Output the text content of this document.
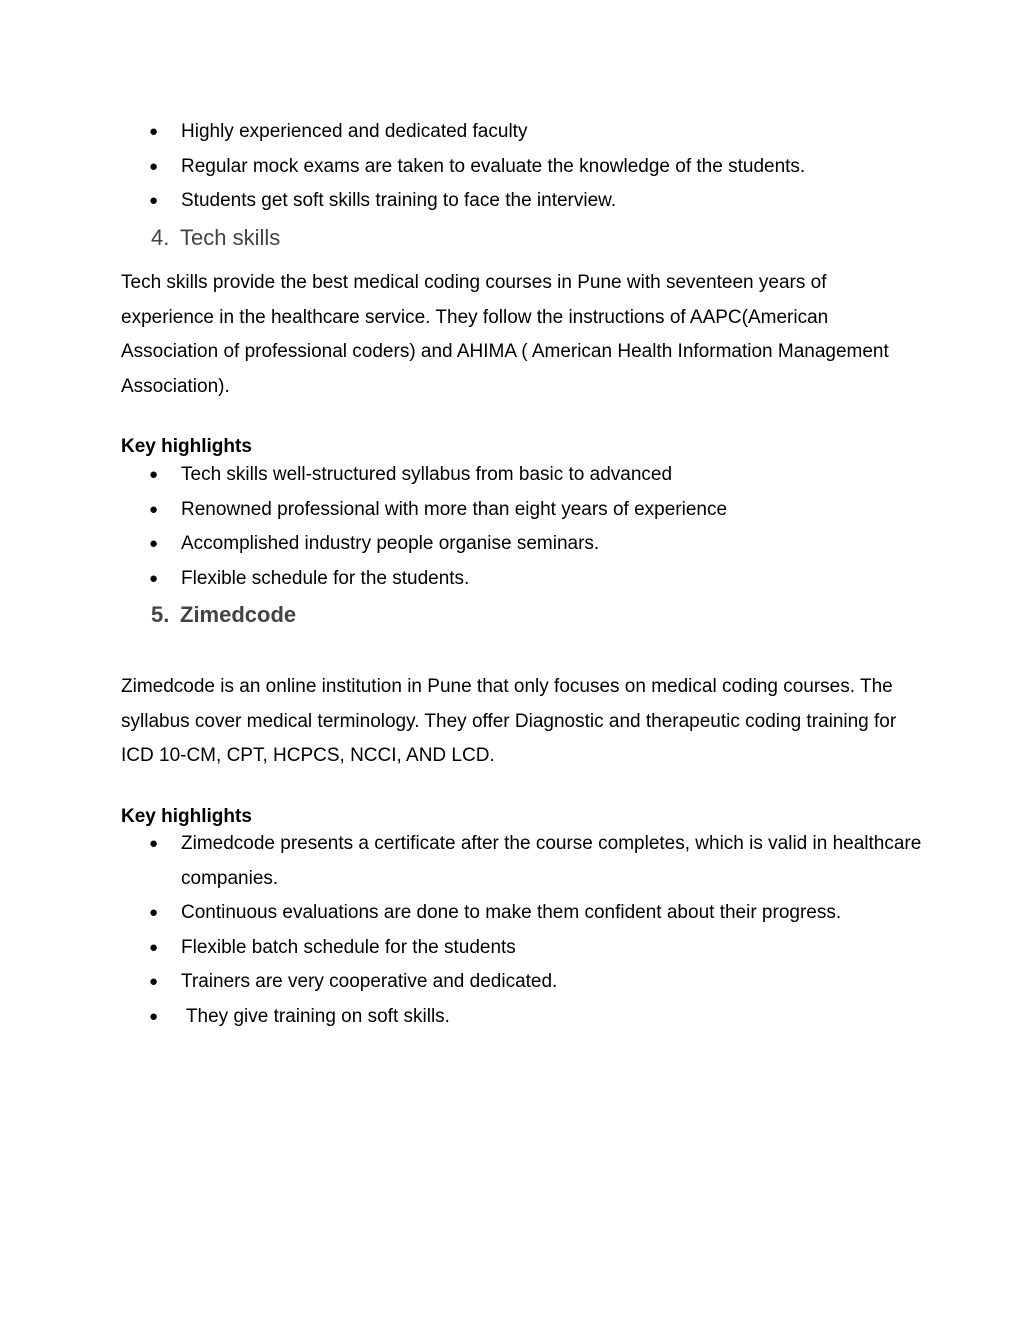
● Highly experienced and dedicated faculty
● Regular mock exams are taken to evaluate the knowledge of the students.
● Students get soft skills training to face the interview.
4. Tech skills

Tech skills provide the best medical coding courses in Pune with seventeen years of experience in the healthcare service. They follow the instructions of AAPC(American Association of professional coders) and AHIMA ( American Health Information Management Association).

Key highlights
● Tech skills well-structured syllabus from basic to advanced
● Renowned professional with more than eight years of experience
● Accomplished industry people organise seminars.
● Flexible schedule for the students.
5. Zimedcode

Zimedcode is an online institution in Pune that only focuses on medical coding courses. The syllabus cover medical terminology. They offer Diagnostic and therapeutic coding training for ICD 10-CM, CPT, HCPCS, NCCI, AND LCD.

Key highlights
● Zimedcode presents a certificate after the course completes, which is valid in healthcare companies.
● Continuous evaluations are done to make them confident about their progress.
● Flexible batch schedule for the students
● Trainers are very cooperative and dedicated.
● They give training on soft skills.
